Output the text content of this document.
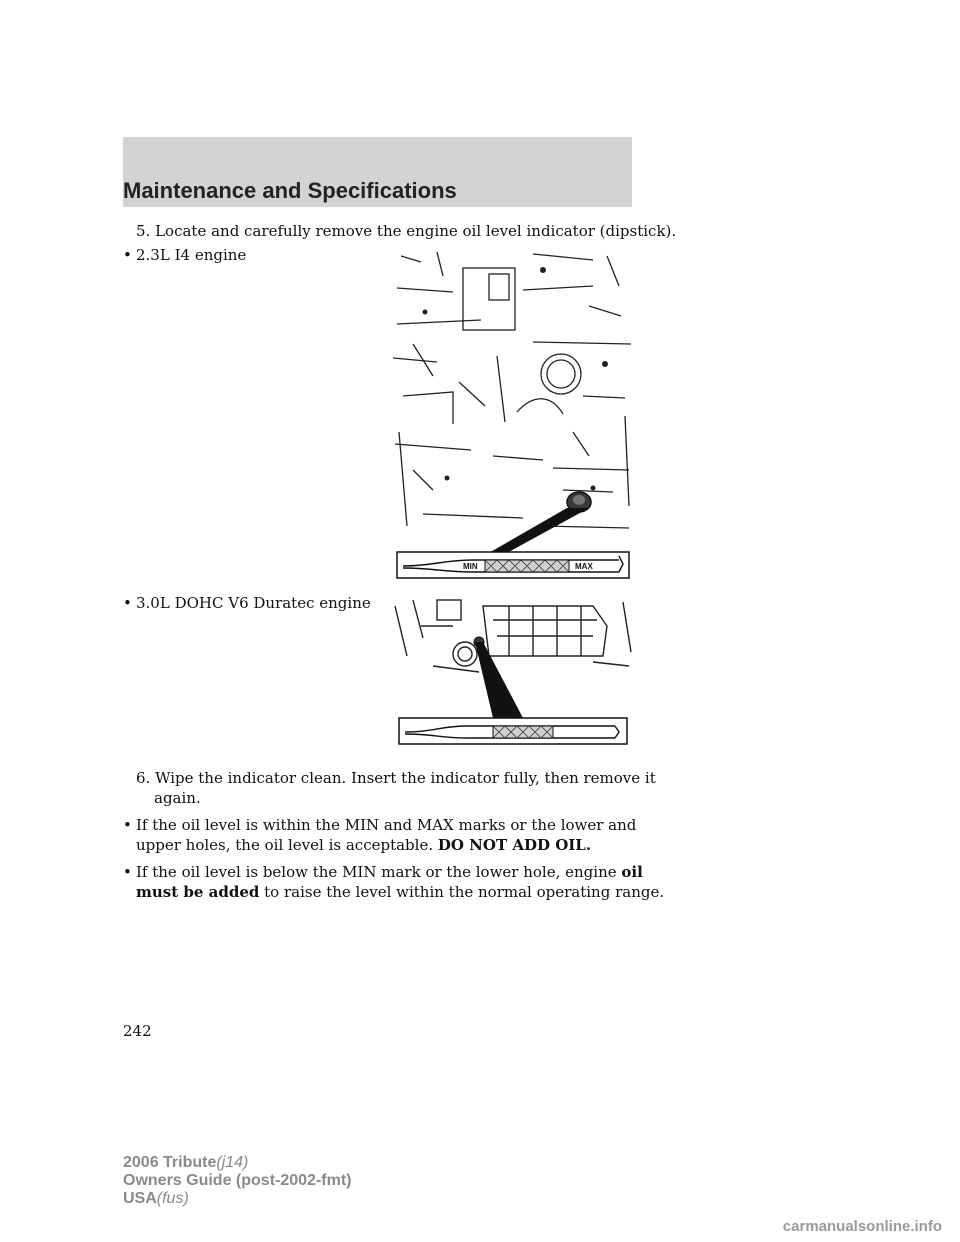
Maintenance and Specifications
5. Locate and carefully remove the engine oil level indicator (dipstick).
• 2.3L I4 engine
MIN	MAX
• 3.0L DOHC V6 Duratec engine
6. Wipe the indicator clean. Insert the indicator fully, then remove it
again.
• If the oil level is within the MIN and MAX marks or the lower and
upper holes, the oil level is acceptable. DO NOT ADD OIL.
• If the oil level is below the MIN mark or the lower hole, engine oil
must be added to raise the level within the normal operating range.
242
2006 Tribute(j14)
Owners Guide (post-2002-fmt)
USA(fus)
carmanualsonline.info
